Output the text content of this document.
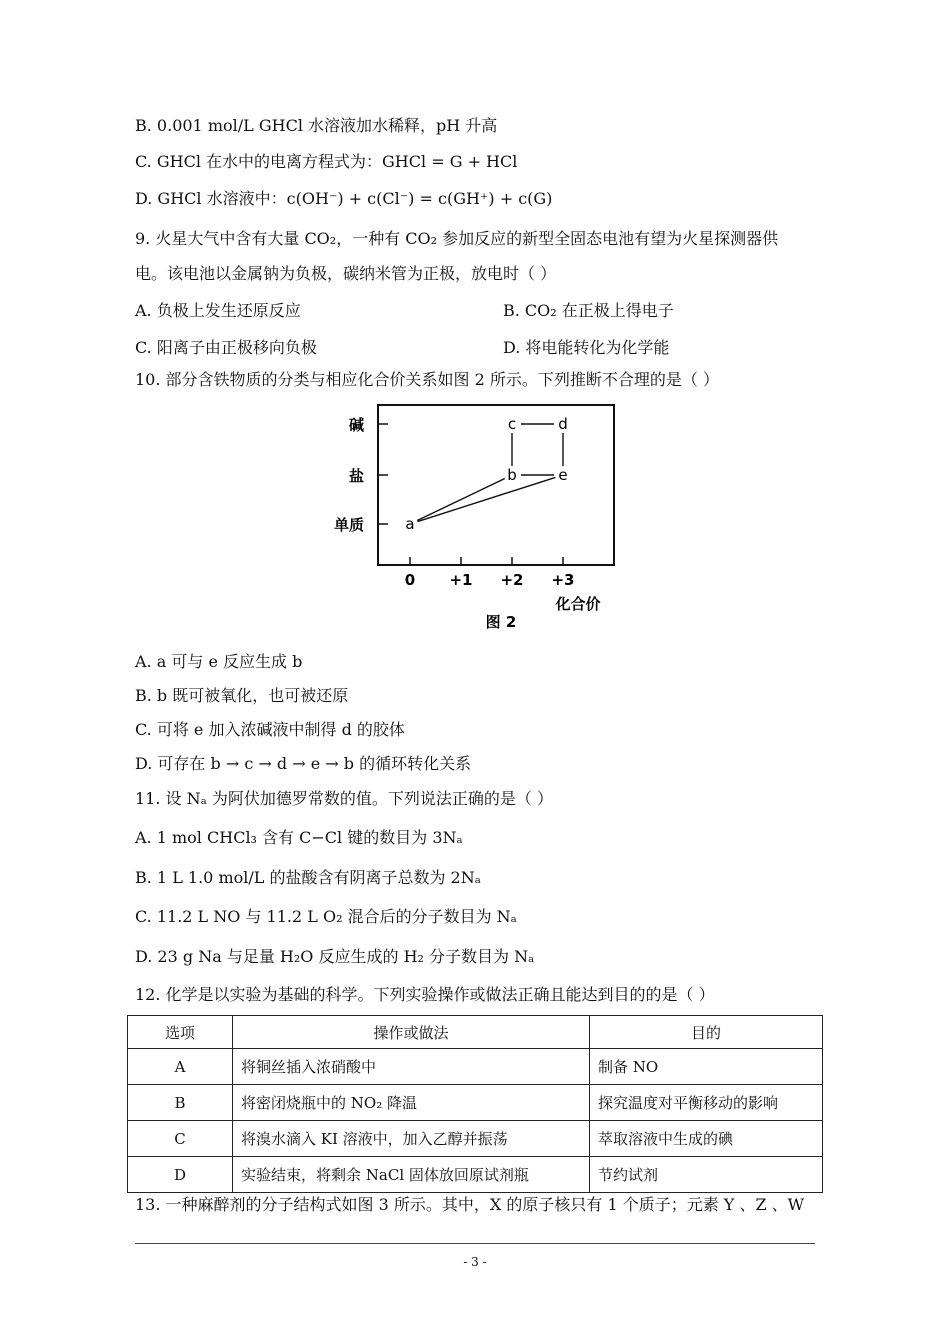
B. 0.001 mol/L GHCl 水溶液加水稀释，pH 升高
C. GHCl 在水中的电离方程式为：GHCl = G + HCl
D. GHCl 水溶液中：c(OH⁻) + c(Cl⁻) = c(GH⁺) + c(G)
9. 火星大气中含有大量 CO₂，一种有 CO₂ 参加反应的新型全固态电池有望为火星探测器供
电。该电池以金属钠为负极，碳纳米管为正极，放电时（ ）
A. 负极上发生还原反应	B. CO₂ 在正极上得电子
C. 阳离子由正极移向负极	D. 将电能转化为化学能
10. 部分含铁物质的分类与相应化合价关系如图 2 所示。下列推断不合理的是（ ）
单质
盐
碱
0 +1 +2 +3
a
b
c	d
e
化合价
图 2
A. a 可与 e 反应生成 b
B. b 既可被氧化，也可被还原
C. 可将 e 加入浓碱液中制得 d 的胶体
D. 可存在 b → c → d → e → b 的循环转化关系
11. 设 Nₐ 为阿伏加德罗常数的值。下列说法正确的是（ ）
A. 1 mol CHCl₃ 含有 C−Cl 键的数目为 3Nₐ
B. 1 L 1.0 mol/L 的盐酸含有阴离子总数为 2Nₐ
C. 11.2 L NO 与 11.2 L O₂ 混合后的分子数目为 Nₐ
D. 23 g Na 与足量 H₂O 反应生成的 H₂ 分子数目为 Nₐ
12. 化学是以实验为基础的科学。下列实验操作或做法正确且能达到目的的是（ ）
选项	操作或做法	目的
A	将铜丝插入浓硝酸中	制备 NO
B	将密闭烧瓶中的 NO₂ 降温	探究温度对平衡移动的影响
C	将溴水滴入 KI 溶液中，加入乙醇并振荡	萃取溶液中生成的碘
D	实验结束，将剩余 NaCl 固体放回原试剂瓶	节约试剂
13. 一种麻醉剂的分子结构式如图 3 所示。其中，X 的原子核只有 1 个质子；元素 Y 、Z 、W
- 3 -
